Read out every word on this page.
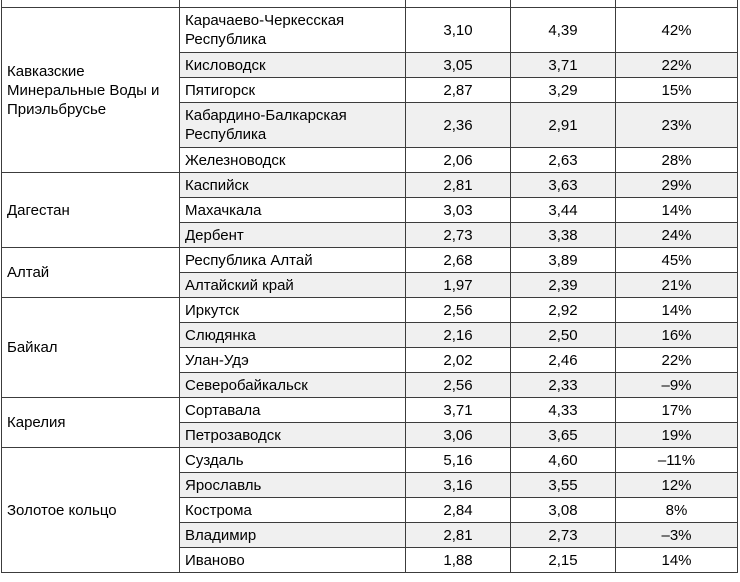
Кавказские Минеральные Воды и Приэльбрусье	Карачаево-Черкесская Республика	3,10	4,39	42%
	Кисловодск	3,05	3,71	22%
	Пятигорск	2,87	3,29	15%
	Кабардино-Балкарская Республика	2,36	2,91	23%
	Железноводск	2,06	2,63	28%
Дагестан	Каспийск	2,81	3,63	29%
	Махачкала	3,03	3,44	14%
	Дербент	2,73	3,38	24%
Алтай	Республика Алтай	2,68	3,89	45%
	Алтайский край	1,97	2,39	21%
Байкал	Иркутск	2,56	2,92	14%
	Слюдянка	2,16	2,50	16%
	Улан-Удэ	2,02	2,46	22%
	Северобайкальск	2,56	2,33	–9%
Карелия	Сортавала	3,71	4,33	17%
	Петрозаводск	3,06	3,65	19%
Золотое кольцо	Суздаль	5,16	4,60	–11%
	Ярославль	3,16	3,55	12%
	Кострома	2,84	3,08	8%
	Владимир	2,81	2,73	–3%
	Иваново	1,88	2,15	14%
